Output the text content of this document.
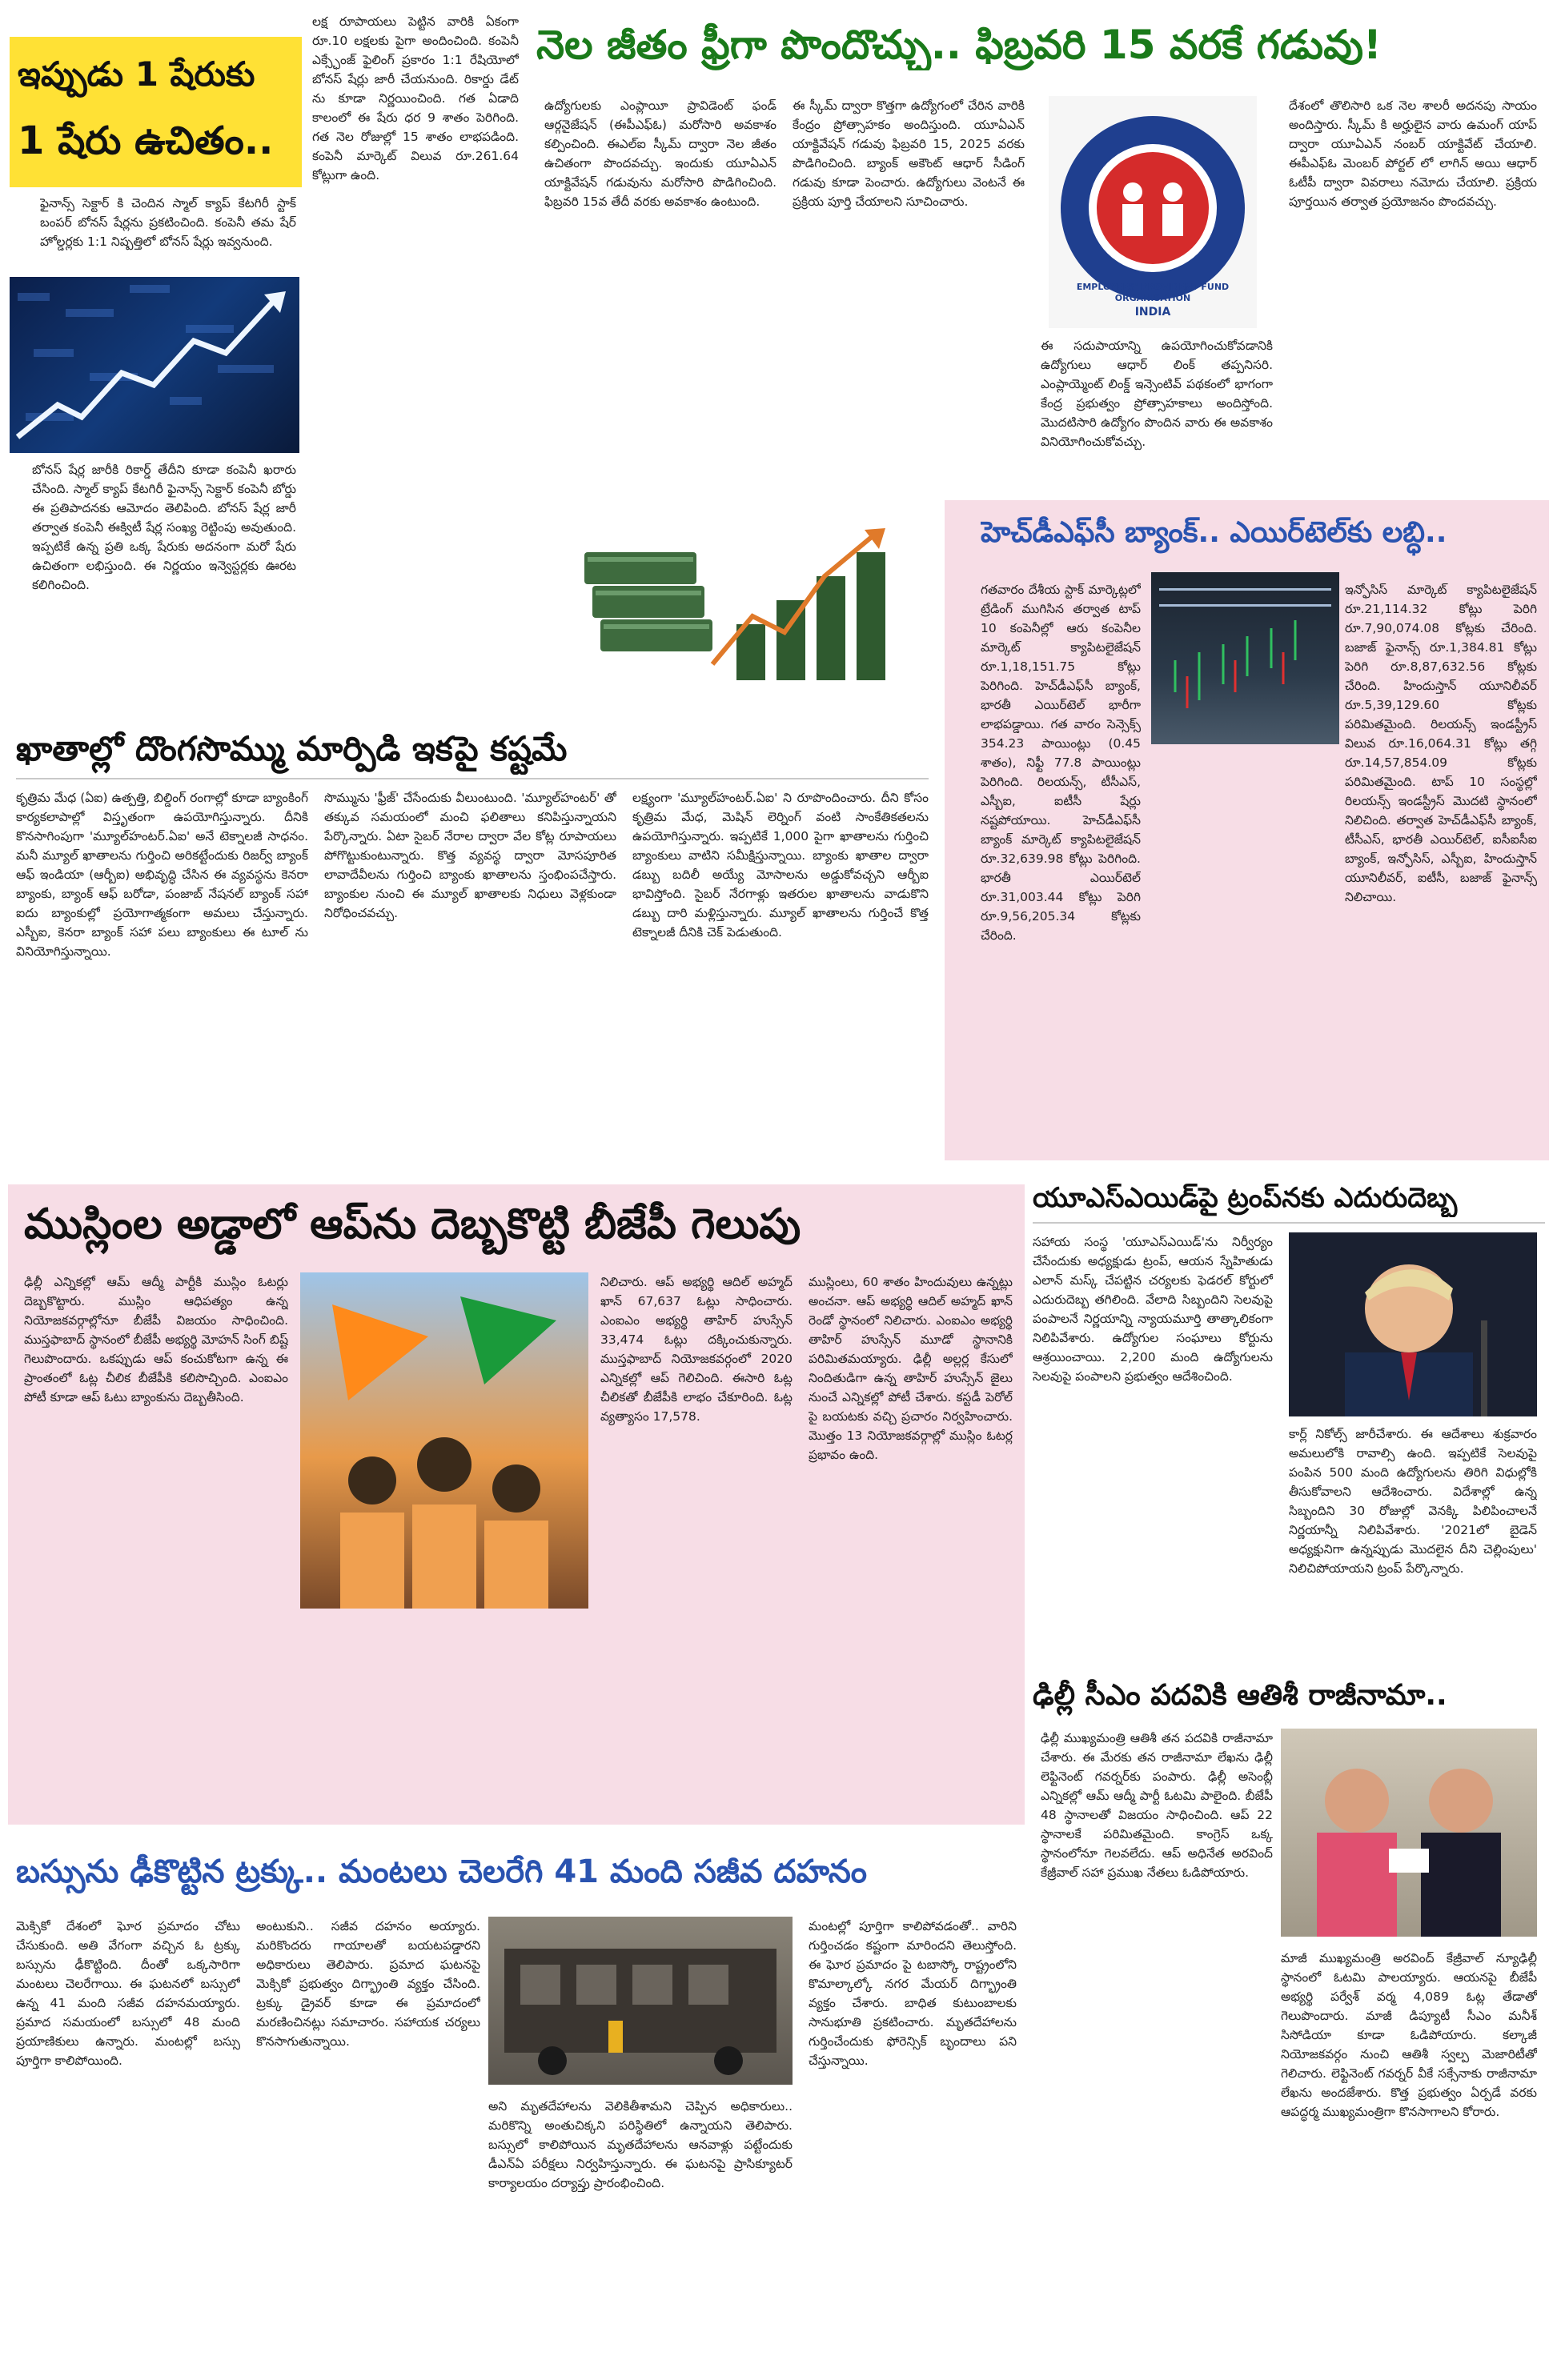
ఇప్పుడు 1 షేరుకు
1 షేరు ఉచితం..
ఫైనాన్స్ సెక్టార్ కి చెందిన స్మాల్ క్యాప్ కేటగిరీ స్టాక్ బంపర్ బోనస్ షేర్లను ప్రకటించింది. కంపెనీ తమ షేర్ హోల్డర్లకు 1:1 నిష్పత్తిలో బోనస్ షేర్లు ఇవ్వనుంది.
బోనస్ షేర్ల జారీకి రికార్డ్ తేదీని కూడా కంపెనీ ఖరారు చేసింది. స్మాల్ క్యాప్ కేటగిరీ ఫైనాన్స్ సెక్టార్ కంపెనీ బోర్డు ఈ ప్రతిపాదనకు ఆమోదం తెలిపింది. బోనస్ షేర్ల జారీ తర్వాత కంపెనీ ఈక్విటీ షేర్ల సంఖ్య రెట్టింపు అవుతుంది. ఇప్పటికే ఉన్న ప్రతి ఒక్క షేరుకు అదనంగా మరో షేరు ఉచితంగా లభిస్తుంది. ఈ నిర్ణయం ఇన్వెస్టర్లకు ఊరట కలిగించింది.
లక్ష రూపాయలు పెట్టిన వారికి ఏకంగా రూ.10 లక్షలకు పైగా అందించింది. కంపెనీ ఎక్స్ఛేంజ్ ఫైలింగ్ ప్రకారం 1:1 రేషియోలో బోనస్ షేర్లు జారీ చేయనుంది. రికార్డు డేట్ ను కూడా నిర్ణయించింది. గత ఏడాది కాలంలో ఈ షేరు ధర 9 శాతం పెరిగింది. గత నెల రోజుల్లో 15 శాతం లాభపడింది. కంపెనీ మార్కెట్ విలువ రూ.261.64 కోట్లుగా ఉంది.
నెల జీతం ఫ్రీగా పొందొచ్చు.. ఫిబ్రవరి 15 వరకే గడువు!
ఉద్యోగులకు ఎంప్లాయీ ప్రావిడెంట్ ఫండ్ ఆర్గనైజేషన్ (ఈపీఎఫ్ఓ) మరోసారి అవకాశం కల్పించింది. ఈఎల్ఐ స్కీమ్ ద్వారా నెల జీతం ఉచితంగా పొందవచ్చు. ఇందుకు యూఏఎన్ యాక్టివేషన్ గడువును మరోసారి పొడిగించింది. ఫిబ్రవరి 15వ తేదీ వరకు అవకాశం ఉంటుంది.
ఈ స్కీమ్ ద్వారా కొత్తగా ఉద్యోగంలో చేరిన వారికి కేంద్రం ప్రోత్సాహకం అందిస్తుంది. యూఏఎన్ యాక్టివేషన్ గడువు ఫిబ్రవరి 15, 2025 వరకు పొడిగించింది. బ్యాంక్ అకౌంట్ ఆధార్ సీడింగ్ గడువు కూడా పెంచారు. ఉద్యోగులు వెంటనే ఈ ప్రక్రియ పూర్తి చేయాలని సూచించారు.
EMPLOYEES' PROVIDENT FUND ORGANISATION
INDIA
ఈ సదుపాయాన్ని ఉపయోగించుకోవడానికి ఉద్యోగులు ఆధార్ లింక్ తప్పనిసరి. ఎంప్లాయ్మెంట్ లింక్డ్ ఇన్సెంటివ్ పథకంలో భాగంగా కేంద్ర ప్రభుత్వం ప్రోత్సాహకాలు అందిస్తోంది. మొదటిసారి ఉద్యోగం పొందిన వారు ఈ అవకాశం వినియోగించుకోవచ్చు.
దేశంలో తొలిసారి ఒక నెల శాలరీ అదనపు సాయం అందిస్తారు. స్కీమ్ కి అర్హులైన వారు ఉమంగ్ యాప్ ద్వారా యూఏఎన్ నంబర్ యాక్టివేట్ చేయాలి. ఈపీఎఫ్ఓ మెంబర్ పోర్టల్ లో లాగిన్ అయి ఆధార్ ఓటీపీ ద్వారా వివరాలు నమోదు చేయాలి. ప్రక్రియ పూర్తయిన తర్వాత ప్రయోజనం పొందవచ్చు.
హెచ్‌డీఎఫ్‌సీ బ్యాంక్.. ఎయిర్‌టెల్‌కు లబ్ధి..
గతవారం దేశీయ స్టాక్ మార్కెట్లలో ట్రేడింగ్ ముగిసిన తర్వాత టాప్ 10 కంపెనీల్లో ఆరు కంపెనీల మార్కెట్ క్యాపిటలైజేషన్ రూ.1,18,151.75 కోట్లు పెరిగింది. హెచ్‌డీఎఫ్‌సీ బ్యాంక్, భారతీ ఎయిర్‌టెల్ భారీగా లాభపడ్డాయి. గత వారం సెన్సెక్స్ 354.23 పాయింట్లు (0.45 శాతం), నిఫ్టీ 77.8 పాయింట్లు పెరిగింది. రిలయన్స్, టీసీఎస్, ఎస్బీఐ, ఐటీసీ షేర్లు నష్టపోయాయి. హెచ్‌డీఎఫ్‌సీ బ్యాంక్ మార్కెట్ క్యాపిటలైజేషన్ రూ.32,639.98 కోట్లు పెరిగింది. భారతీ ఎయిర్‌టెల్ రూ.31,003.44 కోట్లు పెరిగి రూ.9,56,205.34 కోట్లకు చేరింది.
ఇన్ఫోసిస్ మార్కెట్ క్యాపిటలైజేషన్ రూ.21,114.32 కోట్లు పెరిగి రూ.7,90,074.08 కోట్లకు చేరింది. బజాజ్ ఫైనాన్స్ రూ.1,384.81 కోట్లు పెరిగి రూ.8,87,632.56 కోట్లకు చేరింది. హిందుస్తాన్ యూనిలీవర్ రూ.5,39,129.60 కోట్లకు పరిమితమైంది. రిలయన్స్ ఇండస్ట్రీస్ విలువ రూ.16,064.31 కోట్లు తగ్గి రూ.14,57,854.09 కోట్లకు పరిమితమైంది. టాప్ 10 సంస్థల్లో రిలయన్స్ ఇండస్ట్రీస్ మొదటి స్థానంలో నిలిచింది. తర్వాత హెచ్‌డీఎఫ్‌సీ బ్యాంక్, టీసీఎస్, భారతీ ఎయిర్‌టెల్, ఐసీఐసీఐ బ్యాంక్, ఇన్ఫోసిస్, ఎస్బీఐ, హిందుస్తాన్ యూనిలీవర్, ఐటీసీ, బజాజ్ ఫైనాన్స్ నిలిచాయి.
ఖాతాల్లో దొంగసొమ్ము మార్పిడి ఇకపై కష్టమే
కృత్రిమ మేధ (ఏఐ) ఉత్పత్తి, బిల్డింగ్ రంగాల్లో కూడా బ్యాంకింగ్ కార్యకలాపాల్లో విస్తృతంగా ఉపయోగిస్తున్నారు. దీనికి కొనసాగింపుగా 'మ్యూల్‌హంటర్.ఏఐ' అనే టెక్నాలజీ సాధనం. మనీ మ్యూల్ ఖాతాలను గుర్తించి అరికట్టేందుకు రిజర్వ్ బ్యాంక్ ఆఫ్ ఇండియా (ఆర్బీఐ) అభివృద్ధి చేసిన ఈ వ్యవస్థను కెనరా బ్యాంకు, బ్యాంక్ ఆఫ్ బరోడా, పంజాబ్ నేషనల్ బ్యాంక్ సహా ఐదు బ్యాంకుల్లో ప్రయోగాత్మకంగా అమలు చేస్తున్నారు. ఎస్బీఐ, కెనరా బ్యాంక్ సహా పలు బ్యాంకులు ఈ టూల్ ను వినియోగిస్తున్నాయి.
సొమ్మును 'ఫ్రీజ్' చేసేందుకు వీలుంటుంది. 'మ్యూల్‌హంటర్' తో తక్కువ సమయంలో మంచి ఫలితాలు కనిపిస్తున్నాయని పేర్కొన్నారు. ఏటా సైబర్ నేరాల ద్వారా వేల కోట్ల రూపాయలు పోగొట్టుకుంటున్నారు. కొత్త వ్యవస్థ ద్వారా మోసపూరిత లావాదేవీలను గుర్తించి బ్యాంకు ఖాతాలను స్తంభింపచేస్తారు. బ్యాంకుల నుంచి ఈ మ్యూల్ ఖాతాలకు నిధులు వెళ్లకుండా నిరోధించవచ్చు.
లక్ష్యంగా 'మ్యూల్‌హంటర్.ఏఐ' ని రూపొందించారు. దీని కోసం కృత్రిమ మేధ, మెషిన్ లెర్నింగ్ వంటి సాంకేతికతలను ఉపయోగిస్తున్నారు. ఇప్పటికే 1,000 పైగా ఖాతాలను గుర్తించి బ్యాంకులు వాటిని సమీక్షిస్తున్నాయి. బ్యాంకు ఖాతాల ద్వారా డబ్బు బదిలీ అయ్యే మోసాలను అడ్డుకోవచ్చని ఆర్బీఐ భావిస్తోంది. సైబర్ నేరగాళ్లు ఇతరుల ఖాతాలను వాడుకొని డబ్బు దారి మళ్లిస్తున్నారు. మ్యూల్ ఖాతాలను గుర్తించే కొత్త టెక్నాలజీ దీనికి చెక్ పెడుతుంది.
ముస్లింల అడ్డాలో ఆప్‌ను దెబ్బకొట్టి బీజేపీ గెలుపు
ఢిల్లీ ఎన్నికల్లో ఆమ్ ఆద్మీ పార్టీకి ముస్లిం ఓటర్లు దెబ్బకొట్టారు. ముస్లిం ఆధిపత్యం ఉన్న నియోజకవర్గాల్లోనూ బీజేపీ విజయం సాధించింది. ముస్తఫాబాద్ స్థానంలో బీజేపీ అభ్యర్థి మోహన్ సింగ్ బిష్ట్ గెలుపొందారు. ఒకప్పుడు ఆప్ కంచుకోటగా ఉన్న ఈ ప్రాంతంలో ఓట్ల చీలిక బీజేపీకి కలిసొచ్చింది. ఎంఐఎం పోటీ కూడా ఆప్ ఓటు బ్యాంకును దెబ్బతీసింది.
నిలిచారు. ఆప్ అభ్యర్థి ఆదిల్ అహ్మద్ ఖాన్ 67,637 ఓట్లు సాధించారు. ఎంఐఎం అభ్యర్థి తాహిర్ హుస్సేన్ 33,474 ఓట్లు దక్కించుకున్నారు. ముస్తఫాబాద్ నియోజకవర్గంలో 2020 ఎన్నికల్లో ఆప్ గెలిచింది. ఈసారి ఓట్ల చీలికతో బీజేపీకి లాభం చేకూరింది. ఓట్ల వ్యత్యాసం 17,578.
ముస్లింలు, 60 శాతం హిందువులు ఉన్నట్లు అంచనా. ఆప్ అభ్యర్థి ఆదిల్ అహ్మద్ ఖాన్ రెండో స్థానంలో నిలిచారు. ఎంఐఎం అభ్యర్థి తాహిర్ హుస్సేన్ మూడో స్థానానికి పరిమితమయ్యారు. ఢిల్లీ అల్లర్ల కేసులో నిందితుడిగా ఉన్న తాహిర్ హుస్సేన్ జైలు నుంచే ఎన్నికల్లో పోటీ చేశారు. కస్టడీ పెరోల్ పై బయటకు వచ్చి ప్రచారం నిర్వహించారు. మొత్తం 13 నియోజకవర్గాల్లో ముస్లిం ఓటర్ల ప్రభావం ఉంది.
యూఎస్‌ఎయిడ్‌పై ట్రంప్‌నకు ఎదురుదెబ్బ
సహాయ సంస్థ 'యూఎస్‌ఎయిడ్'ను నిర్వీర్యం చేసేందుకు అధ్యక్షుడు ట్రంప్, ఆయన స్నేహితుడు ఎలాన్ మస్క్ చేపట్టిన చర్యలకు ఫెడరల్ కోర్టులో ఎదురుదెబ్బ తగిలింది. వేలాది సిబ్బందిని సెలవుపై పంపాలనే నిర్ణయాన్ని న్యాయమూర్తి తాత్కాలికంగా నిలిపివేశారు. ఉద్యోగుల సంఘాలు కోర్టును ఆశ్రయించాయి. 2,200 మంది ఉద్యోగులను సెలవుపై పంపాలని ప్రభుత్వం ఆదేశించింది.
కార్ల్ నికోల్స్ జారీచేశారు. ఈ ఆదేశాలు శుక్రవారం అమలులోకి రావాల్సి ఉంది. ఇప్పటికే సెలవుపై పంపిన 500 మంది ఉద్యోగులను తిరిగి విధుల్లోకి తీసుకోవాలని ఆదేశించారు. విదేశాల్లో ఉన్న సిబ్బందిని 30 రోజుల్లో వెనక్కి పిలిపించాలనే నిర్ణయాన్నీ నిలిపివేశారు. '2021లో బైడెన్ అధ్యక్షునిగా ఉన్నప్పుడు మొదలైన దీని చెల్లింపులు' నిలిచిపోయాయని ట్రంప్ పేర్కొన్నారు.
ఢిల్లీ సీఎం పదవికి ఆతిశీ రాజీనామా..
ఢిల్లీ ముఖ్యమంత్రి ఆతిశీ తన పదవికి రాజీనామా చేశారు. ఈ మేరకు తన రాజీనామా లేఖను ఢిల్లీ లెఫ్టినెంట్ గవర్నర్‌కు పంపారు. ఢిల్లీ అసెంబ్లీ ఎన్నికల్లో ఆమ్ ఆద్మీ పార్టీ ఓటమి పాలైంది. బీజేపీ 48 స్థానాలతో విజయం సాధించింది. ఆప్ 22 స్థానాలకే పరిమితమైంది. కాంగ్రెస్ ఒక్క స్థానంలోనూ గెలవలేదు. ఆప్ అధినేత అరవింద్ కేజ్రీవాల్ సహా ప్రముఖ నేతలు ఓడిపోయారు.
మాజీ ముఖ్యమంత్రి అరవింద్ కేజ్రీవాల్ న్యూఢిల్లీ స్థానంలో ఓటమి పాలయ్యారు. ఆయనపై బీజేపీ అభ్యర్థి పర్వేశ్ వర్మ 4,089 ఓట్ల తేడాతో గెలుపొందారు. మాజీ డిప్యూటీ సీఎం మనీశ్ సిసోడియా కూడా ఓడిపోయారు. కల్కాజీ నియోజకవర్గం నుంచి ఆతిశీ స్వల్ప మెజారిటీతో గెలిచారు. లెఫ్టినెంట్ గవర్నర్ వీకే సక్సేనాకు రాజీనామా లేఖను అందజేశారు. కొత్త ప్రభుత్వం ఏర్పడే వరకు ఆపద్ధర్మ ముఖ్యమంత్రిగా కొనసాగాలని కోరారు.
బస్సును ఢీకొట్టిన ట్రక్కు.. మంటలు చెలరేగి 41 మంది సజీవ దహనం
మెక్సికో దేశంలో ఘోర ప్రమాదం చోటు చేసుకుంది. అతి వేగంగా వచ్చిన ఓ ట్రక్కు బస్సును ఢీకొట్టింది. దీంతో ఒక్కసారిగా మంటలు చెలరేగాయి. ఈ ఘటనలో బస్సులో ఉన్న 41 మంది సజీవ దహనమయ్యారు. ప్రమాద సమయంలో బస్సులో 48 మంది ప్రయాణికులు ఉన్నారు. మంటల్లో బస్సు పూర్తిగా కాలిపోయింది.
అంటుకుని.. సజీవ దహనం అయ్యారు. మరికొందరు గాయాలతో బయటపడ్డారని అధికారులు తెలిపారు. ప్రమాద ఘటనపై మెక్సికో ప్రభుత్వం దిగ్భ్రాంతి వ్యక్తం చేసింది. ట్రక్కు డ్రైవర్ కూడా ఈ ప్రమాదంలో మరణించినట్లు సమాచారం. సహాయక చర్యలు కొనసాగుతున్నాయి.
మంటల్లో పూర్తిగా కాలిపోవడంతో.. వారిని గుర్తించడం కష్టంగా మారిందని తెలుస్తోంది. ఈ ఘోర ప్రమాదం పై టబాస్కో రాష్ట్రంలోని కొమాల్కాల్కో నగర మేయర్ దిగ్భ్రాంతి వ్యక్తం చేశారు. బాధిత కుటుంబాలకు సానుభూతి ప్రకటించారు. మృతదేహాలను గుర్తించేందుకు ఫోరెన్సిక్ బృందాలు పని చేస్తున్నాయి.
అని మృతదేహాలను వెలికితీశామని చెప్పిన అధికారులు.. మరికొన్ని అంతుచిక్కని పరిస్థితిలో ఉన్నాయని తెలిపారు. బస్సులో కాలిపోయిన మృతదేహాలను ఆనవాళ్లు పట్టేందుకు డీఎన్ఏ పరీక్షలు నిర్వహిస్తున్నారు. ఈ ఘటనపై ప్రాసిక్యూటర్ కార్యాలయం దర్యాప్తు ప్రారంభించింది.
